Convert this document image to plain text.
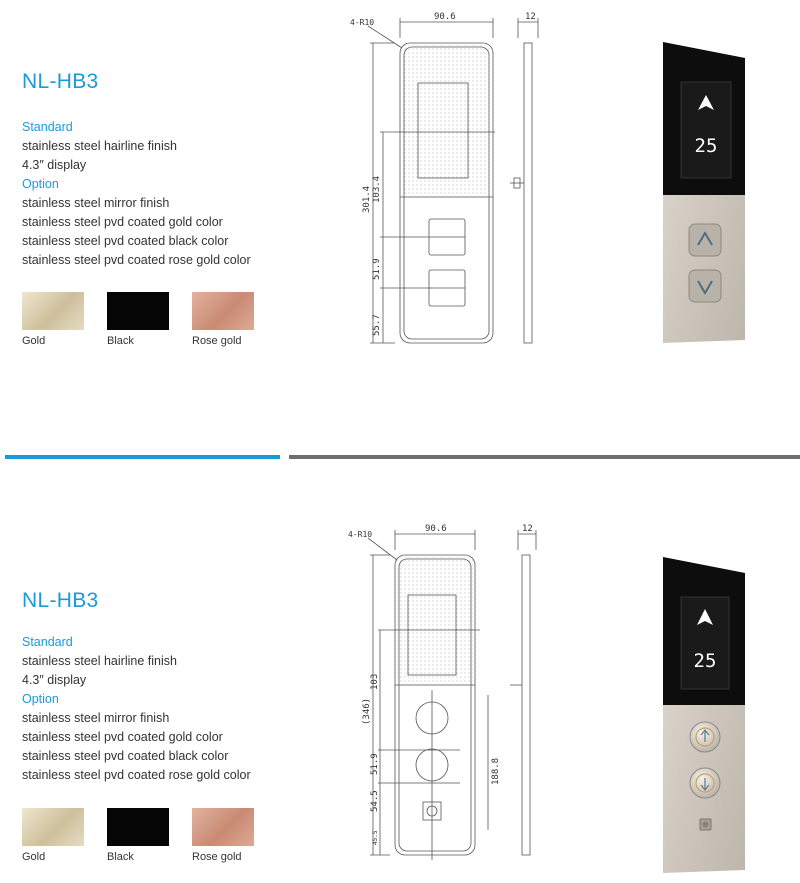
NL-HB3
Standard
stainless steel hairline finish
4.3″ display
Option
stainless steel mirror finish
stainless steel pvd coated gold color
stainless steel pvd coated black color
stainless steel pvd coated rose gold color
Gold	Black	Rose gold
90.6	12
4-R10
301.4 103.4
51.9
55.7
25
NL-HB3
Standard
stainless steel hairline finish
4.3″ display
Option
stainless steel mirror finish
stainless steel pvd coated gold color
stainless steel pvd coated black color
stainless steel pvd coated rose gold color
Gold	Black	Rose gold
90.6	12
4-R10
(346)
103
51.9
54.5
45.5
188.8
25
